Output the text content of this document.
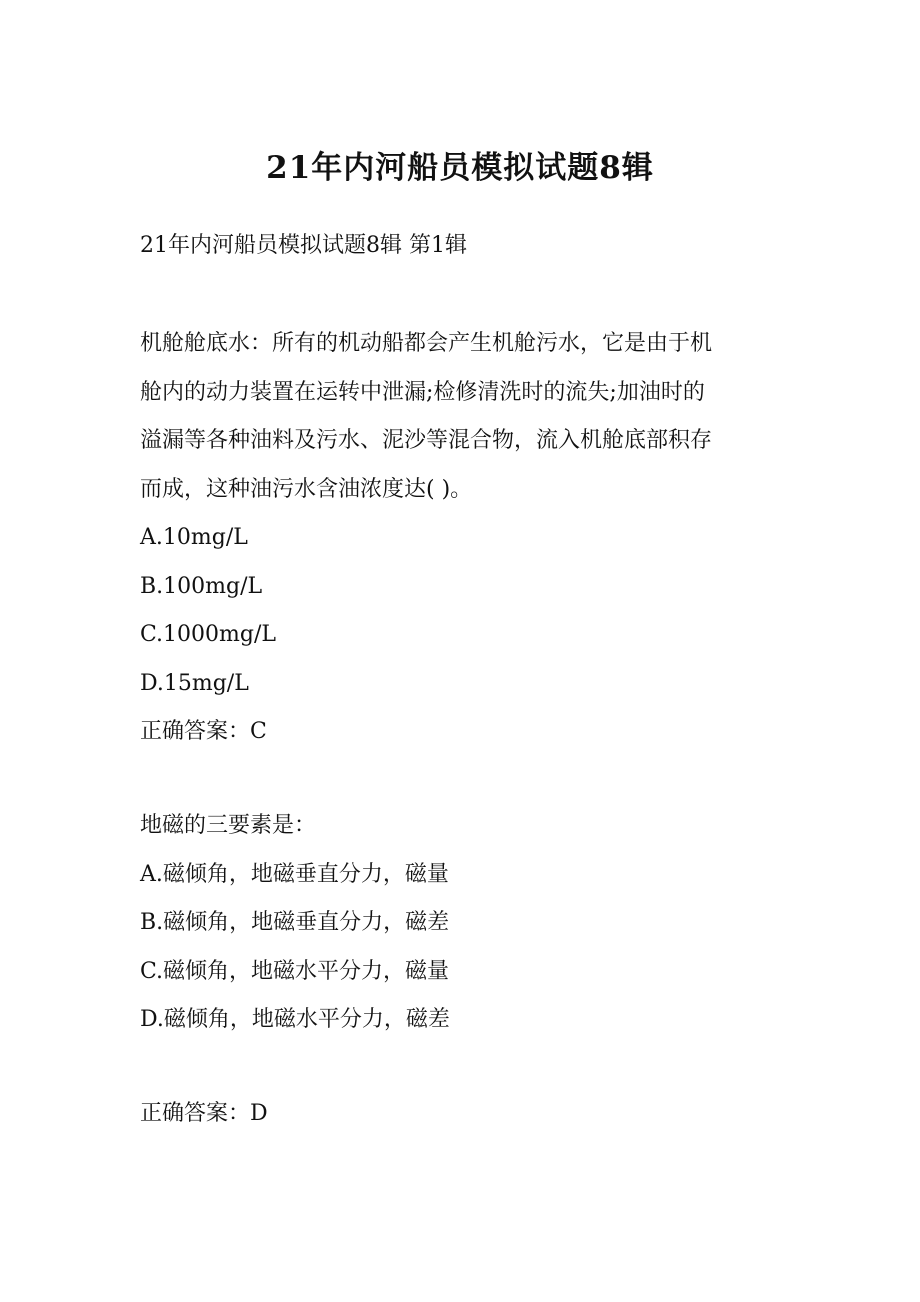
21年内河船员模拟试题8辑

21年内河船员模拟试题8辑 第1辑

机舱舱底水：所有的机动船都会产生机舱污水，它是由于机
舱内的动力装置在运转中泄漏;检修清洗时的流失;加油时的
溢漏等各种油料及污水、泥沙等混合物，流入机舱底部积存
而成，这种油污水含油浓度达( )。

A.10mg/L

B.100mg/L

C.1000mg/L

D.15mg/L

正确答案：C

地磁的三要素是：

A.磁倾角，地磁垂直分力，磁量

B.磁倾角，地磁垂直分力，磁差

C.磁倾角，地磁水平分力，磁量

D.磁倾角，地磁水平分力，磁差

正确答案：D
